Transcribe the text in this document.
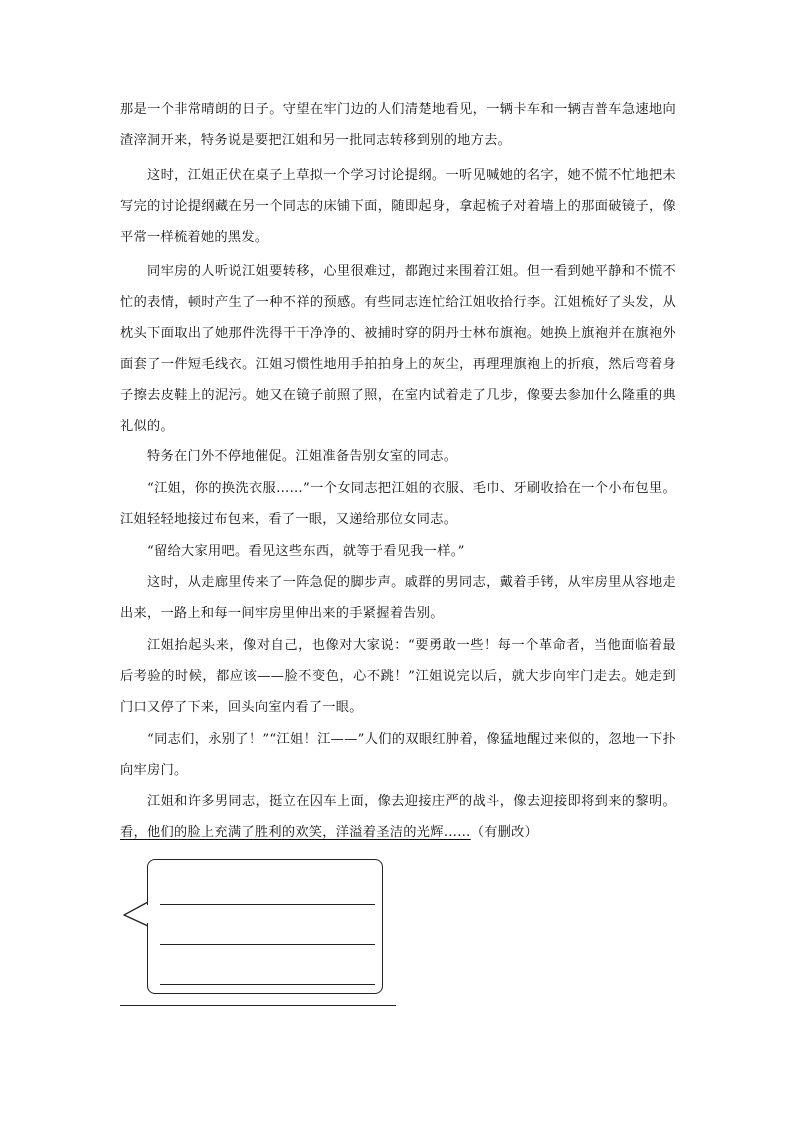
那是一个非常晴朗的日子。守望在牢门边的人们清楚地看见，一辆卡车和一辆吉普车急速地向渣滓洞开来，特务说是要把江姐和另一批同志转移到别的地方去。

这时，江姐正伏在桌子上草拟一个学习讨论提纲。一听见喊她的名字，她不慌不忙地把未写完的讨论提纲藏在另一个同志的床铺下面，随即起身，拿起梳子对着墙上的那面破镜子，像平常一样梳着她的黑发。

同牢房的人听说江姐要转移，心里很难过，都跑过来围着江姐。但一看到她平静和不慌不忙的表情，顿时产生了一种不祥的预感。有些同志连忙给江姐收拾行李。江姐梳好了头发，从枕头下面取出了她那件洗得干干净净的、被捕时穿的阴丹士林布旗袍。她换上旗袍并在旗袍外面套了一件短毛线衣。江姐习惯性地用手拍拍身上的灰尘，再理理旗袍上的折痕，然后弯着身子擦去皮鞋上的泥污。她又在镜子前照了照，在室内试着走了几步，像要去参加什么隆重的典礼似的。

特务在门外不停地催促。江姐准备告别女室的同志。

“江姐，你的换洗衣服……”一个女同志把江姐的衣服、毛巾、牙刷收拾在一个小布包里。江姐轻轻地接过布包来，看了一眼，又递给那位女同志。

“留给大家用吧。看见这些东西，就等于看见我一样。”

这时，从走廊里传来了一阵急促的脚步声。戚群的男同志，戴着手铐，从牢房里从容地走出来，一路上和每一间牢房里伸出来的手紧握着告别。

江姐抬起头来，像对自己，也像对大家说：“要勇敢一些！每一个革命者，当他面临着最后考验的时候，都应该——脸不变色，心不跳！”江姐说完以后，就大步向牢门走去。她走到门口又停了下来，回头向室内看了一眼。

“同志们，永别了！”“江姐！江——”人们的双眼红肿着，像猛地醒过来似的，忽地一下扑向牢房门。

江姐和许多男同志，挺立在囚车上面，像去迎接庄严的战斗，像去迎接即将到来的黎明。看，他们的脸上充满了胜利的欢笑，洋溢着圣洁的光辉……（有删改）
